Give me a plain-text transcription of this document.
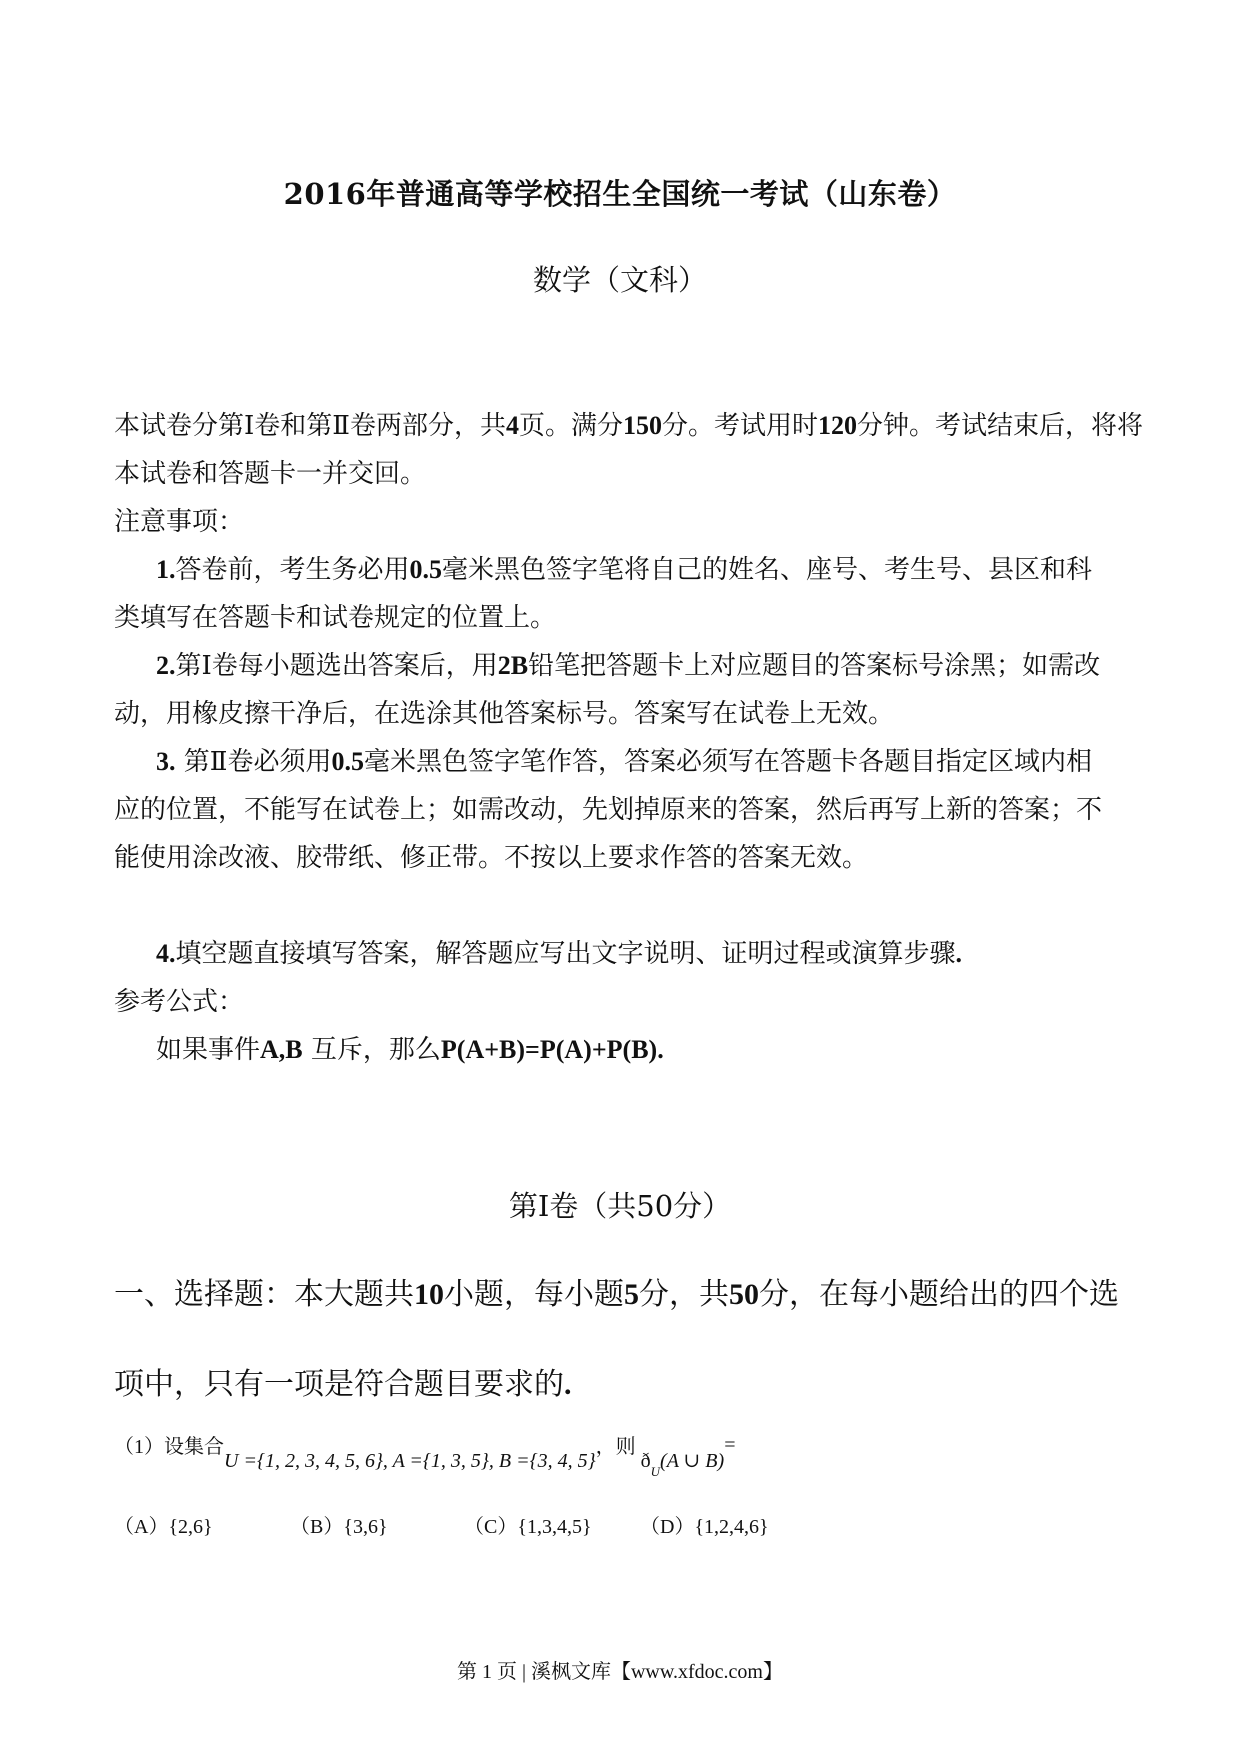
2016年普通高等学校招生全国统一考试（山东卷）
数学（文科）
本试卷分第Ⅰ卷和第Ⅱ卷两部分，共4页。满分150分。考试用时120分钟。考试结束后，将将本试卷和答题卡一并交回。
注意事项：
1.答卷前，考生务必用0.5毫米黑色签字笔将自己的姓名、座号、考生号、县区和科类填写在答题卡和试卷规定的位置上。
2.第Ⅰ卷每小题选出答案后，用2B铅笔把答题卡上对应题目的答案标号涂黑；如需改动，用橡皮擦干净后，在选涂其他答案标号。答案写在试卷上无效。
3. 第Ⅱ卷必须用0.5毫米黑色签字笔作答，答案必须写在答题卡各题目指定区域内相应的位置，不能写在试卷上；如需改动，先划掉原来的答案，然后再写上新的答案；不能使用涂改液、胶带纸、修正带。不按以上要求作答的答案无效。
4.填空题直接填写答案，解答题应写出文字说明、证明过程或演算步骤.
参考公式：
如果事件A,B 互斥，那么P(A+B)=P(A)+P(B).
第Ⅰ卷（共50分）
一、选择题：本大题共10小题，每小题5分，共50分，在每小题给出的四个选项中，只有一项是符合题目要求的.
（1）设集合U ={1, 2, 3, 4, 5, 6}, A ={1, 3, 5}, B ={3, 4, 5}，则 $ð_U(A$ ∪ B)=
（A）{2,6}	（B）{3,6}	（C）{1,3,4,5} （D）{1,2,4,6}
第 1 页 | 溪枫文库【www.xfdoc.com】
